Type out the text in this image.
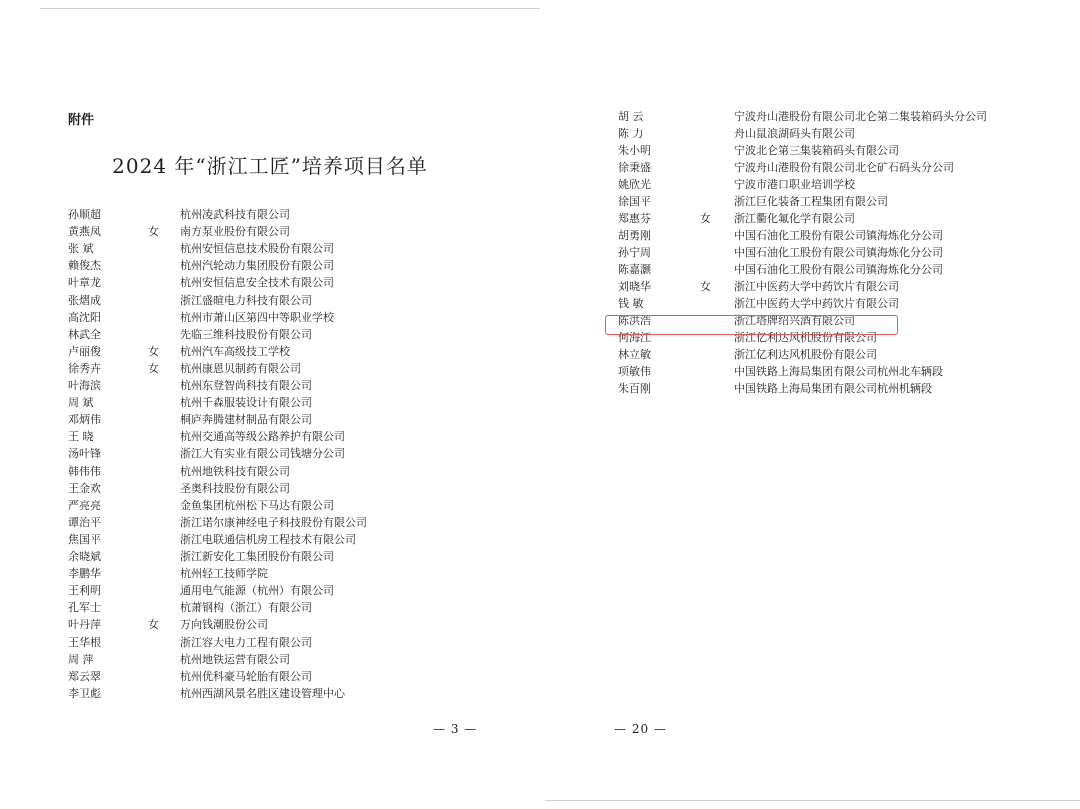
附件
2024 年“浙江工匠”培养项目名单
孙顺超	杭州凌武科技有限公司
黄燕凤	女 南方泵业股份有限公司
张 斌	杭州安恒信息技术股份有限公司
赖俊杰	杭州汽轮动力集团股份有限公司
叶章龙	杭州安恒信息安全技术有限公司
张熠成	浙江盛暄电力科技有限公司
高沈阳	杭州市萧山区第四中等职业学校
林武全	先临三维科技股份有限公司
卢丽俊	女 杭州汽车高级技工学校
徐秀卉	女 杭州康恩贝制药有限公司
叶海滨	杭州东登智尚科技有限公司
周 斌	杭州千森服装设计有限公司
邓炳伟	桐庐奔腾建材制品有限公司
王 晓	杭州交通高等级公路养护有限公司
汤叶锋	浙江大有实业有限公司钱塘分公司
韩伟伟	杭州地铁科技有限公司
王金欢	圣奥科技股份有限公司
严亮亮	金鱼集团杭州松下马达有限公司
谭治平	浙江诺尔康神经电子科技股份有限公司
焦国平	浙江电联通信机房工程技术有限公司
余晓斌	浙江新安化工集团股份有限公司
李鹏华	杭州轻工技师学院
王利明	通用电气能源（杭州）有限公司
孔军士	杭萧钢构（浙江）有限公司
叶丹萍	女 万向钱潮股份公司
王华根	浙江容大电力工程有限公司
周 萍	杭州地铁运营有限公司
郑云翠	杭州优科豪马轮胎有限公司
李卫彪	杭州西湖风景名胜区建设管理中心
胡 云	宁波舟山港股份有限公司北仑第二集装箱码头分公司
陈 力	舟山鼠浪湖码头有限公司
朱小明	宁波北仑第三集装箱码头有限公司
徐秉盛	宁波舟山港股份有限公司北仑矿石码头分公司
姚欣光	宁波市港口职业培训学校
徐国平	浙江巨化装备工程集团有限公司
郑惠芬	女 浙江衢化氟化学有限公司
胡勇刚	中国石油化工股份有限公司镇海炼化分公司
孙宁周	中国石油化工股份有限公司镇海炼化分公司
陈嘉灏	中国石油化工股份有限公司镇海炼化分公司
刘晓华	女 浙江中医药大学中药饮片有限公司
钱 敏	浙江中医药大学中药饮片有限公司
陈洪浩	浙江塔牌绍兴酒有限公司
何海江	浙江亿利达风机股份有限公司
林立敏	浙江亿利达风机股份有限公司
项敏伟	中国铁路上海局集团有限公司杭州北车辆段
朱百刚	中国铁路上海局集团有限公司杭州机辆段
— 3 —	— 20 —
